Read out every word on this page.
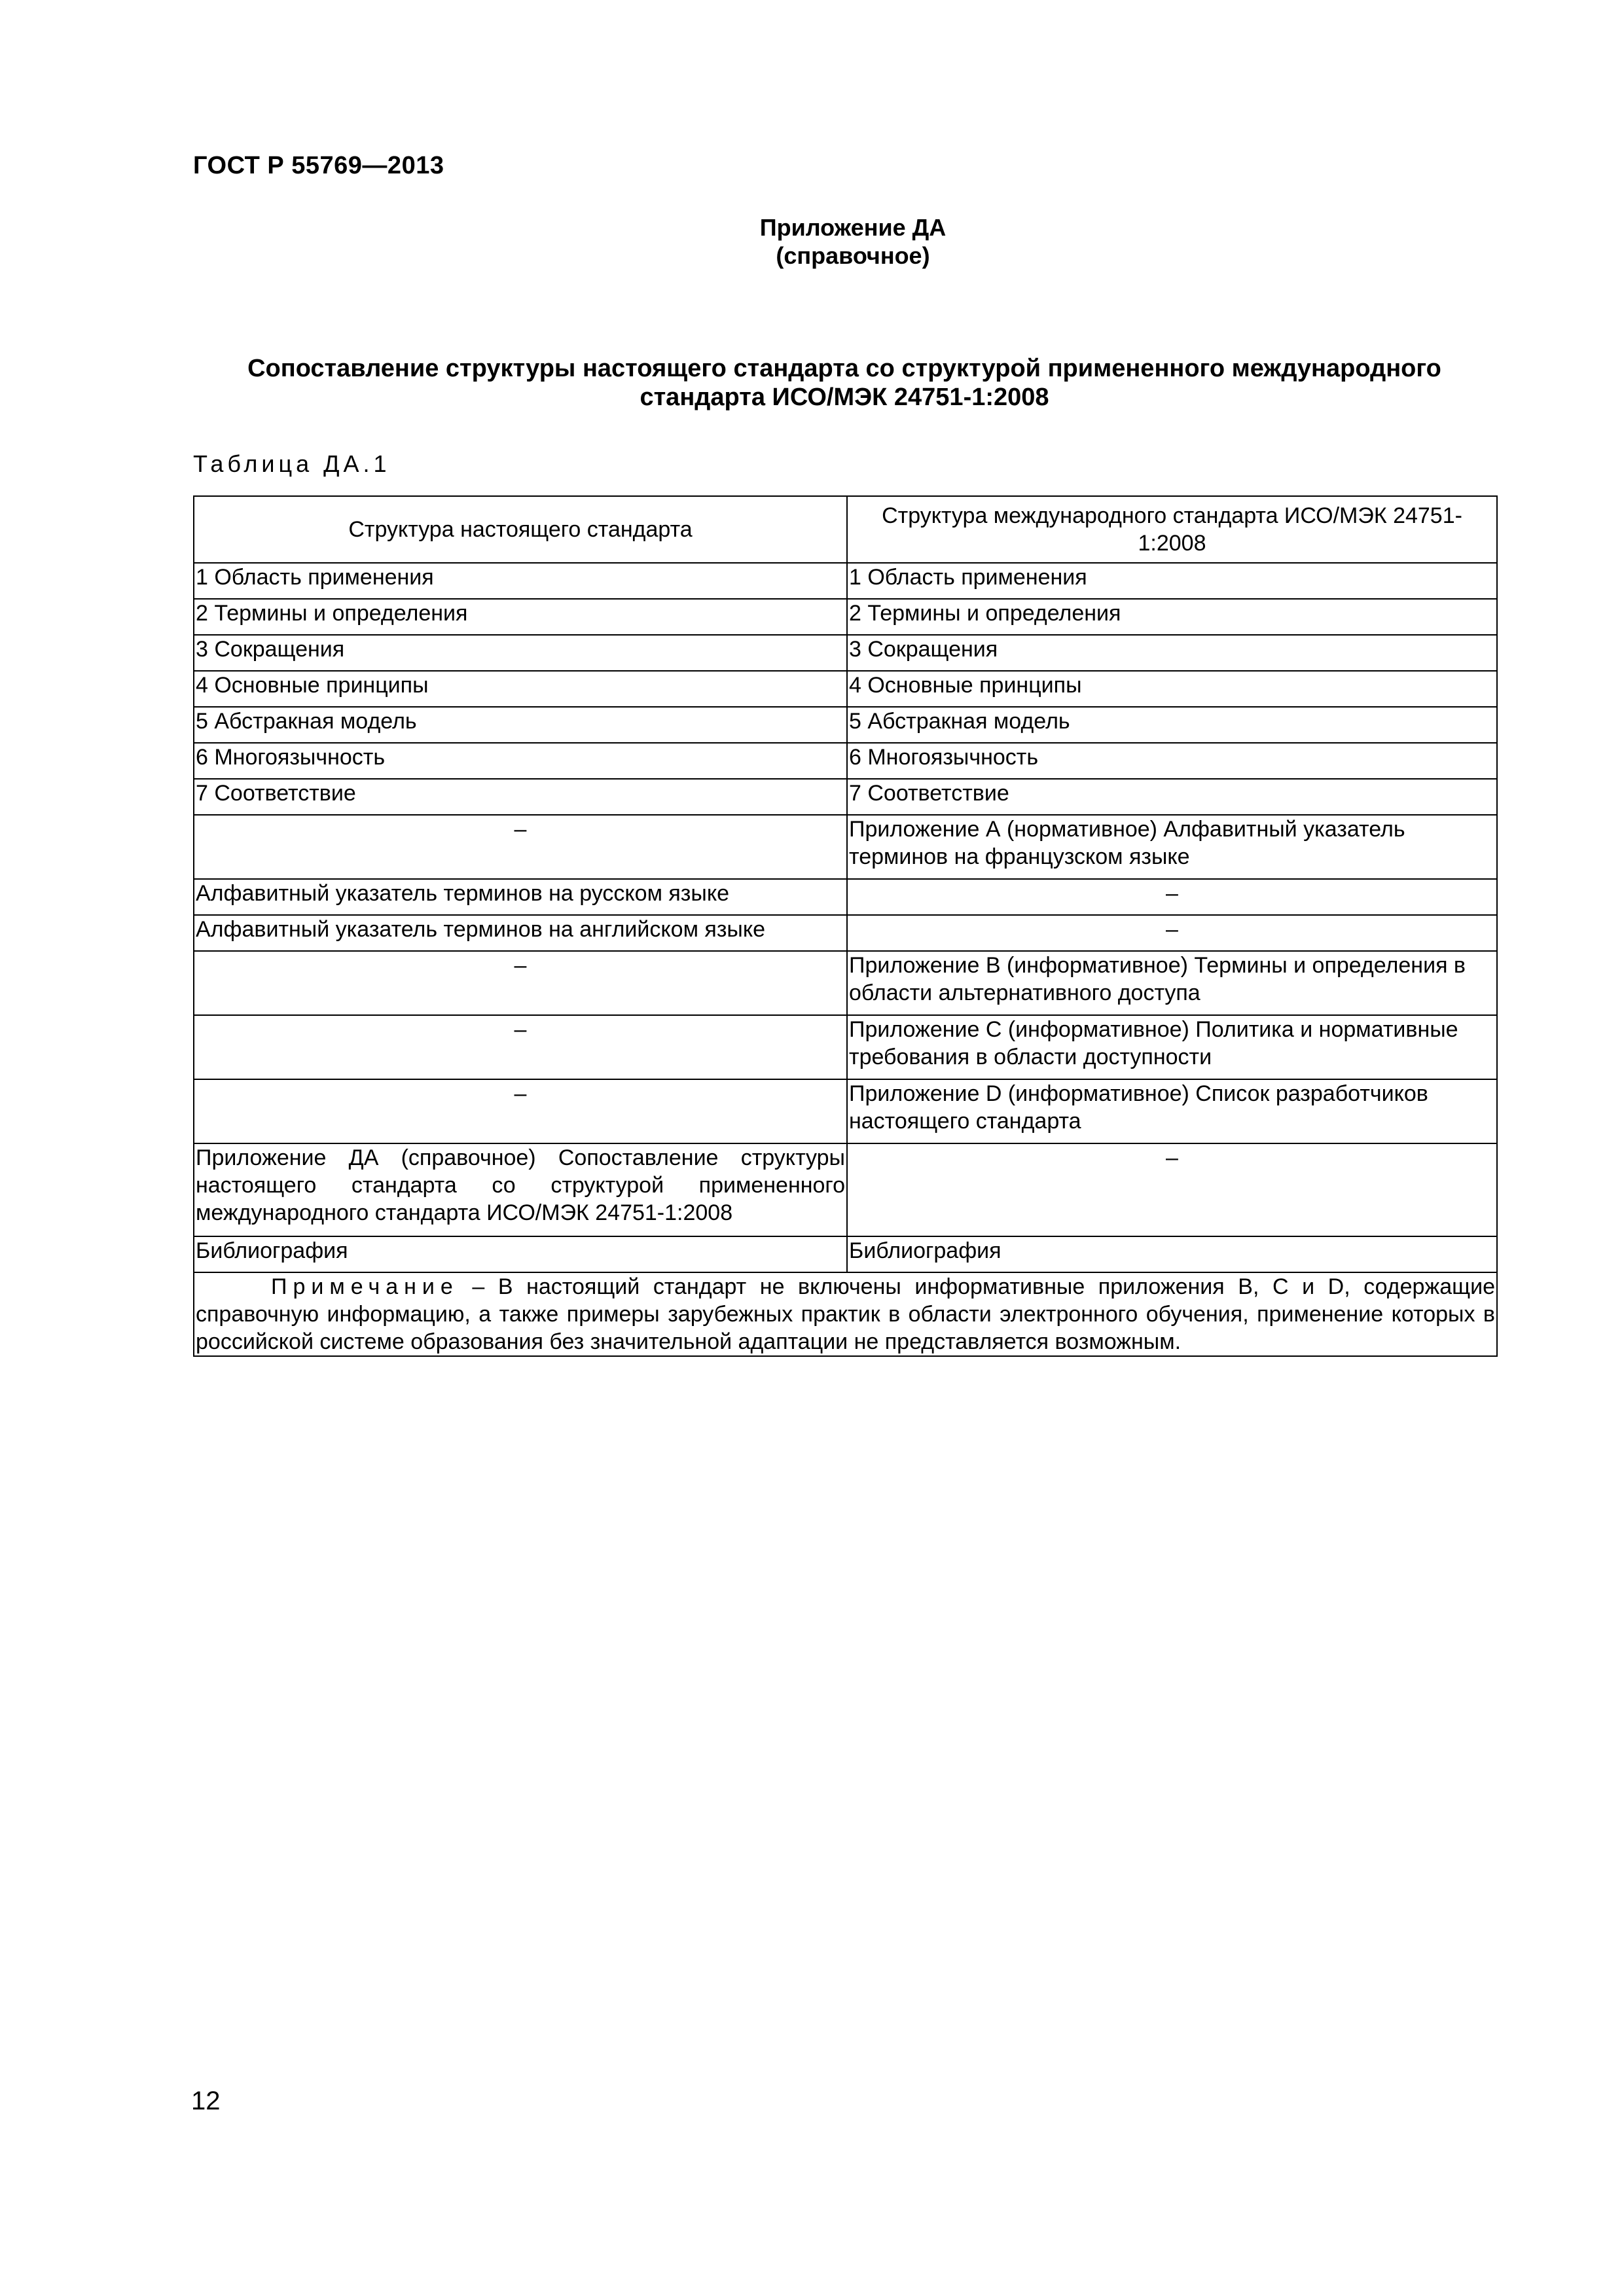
ГОСТ Р 55769—2013
Приложение ДА
(справочное)
Сопоставление структуры настоящего стандарта со структурой примененного международного
стандарта ИСО/МЭК 24751-1:2008
Таблица ДА.1
Структура настоящего стандарта	Структура международного стандарта ИСО/МЭК 24751-1:2008
1 Область применения	1 Область применения
2 Термины и определения	2 Термины и определения
3 Сокращения	3 Сокращения
4 Основные принципы	4 Основные принципы
5 Абстракная модель	5 Абстракная модель
6 Многоязычность	6 Многоязычность
7 Соответствие	7 Соответствие
–	Приложение А (нормативное) Алфавитный указатель терминов на французском языке
Алфавитный указатель терминов на русском языке	–
Алфавитный указатель терминов на английском языке	–
–	Приложение В (информативное) Термины и определения в области альтернативного доступа
–	Приложение С (информативное) Политика и нормативные требования в области доступности
–	Приложение D (информативное) Список разработчиков настоящего стандарта
Приложение ДА (справочное) Сопоставление структуры настоящего стандарта со структурой примененного международного стандарта ИСО/МЭК 24751-1:2008	–
Библиография	Библиография
Примечание – В настоящий стандарт не включены информативные приложения В, С и D, содержащие справочную информацию, а также примеры зарубежных практик в области электронного обучения, применение которых в российской системе образования без значительной адаптации не представляется возможным.	
12
